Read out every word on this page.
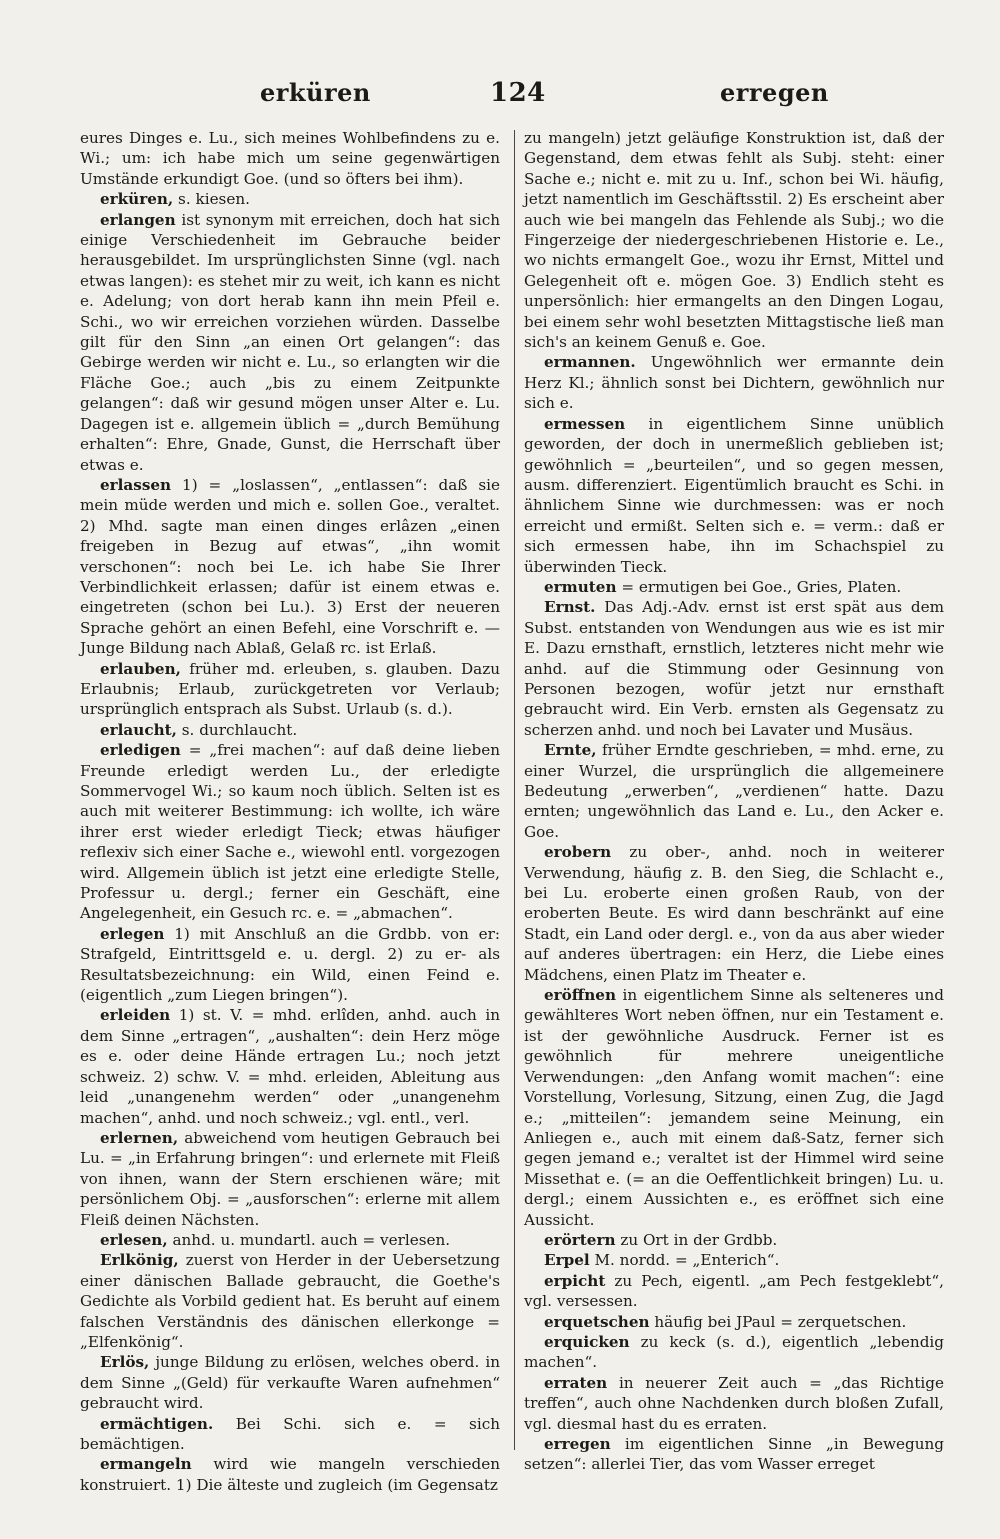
erküren	124	erregen

eures Dinges e. Lu., sich meines Wohlbefindens zu e. Wi.; um: ich habe mich um seine gegenwärtigen Umstände erkundigt Goe. (und so öfters bei ihm).

erküren, s. kiesen.

erlangen ist synonym mit erreichen, doch hat sich einige Verschiedenheit im Gebrauche beider herausgebildet. Im ursprünglichsten Sinne (vgl. nach etwas langen): es stehet mir zu weit, ich kann es nicht e. Adelung; von dort herab kann ihn mein Pfeil e. Schi., wo wir erreichen vorziehen würden. Dasselbe gilt für den Sinn „an einen Ort gelangen“: das Gebirge werden wir nicht e. Lu., so erlangten wir die Fläche Goe.; auch „bis zu einem Zeitpunkte gelangen“: daß wir gesund mögen unser Alter e. Lu. Dagegen ist e. allgemein üblich = „durch Bemühung erhalten“: Ehre, Gnade, Gunst, die Herrschaft über etwas e.

erlassen 1) = „loslassen“, „entlassen“: daß sie mein müde werden und mich e. sollen Goe., veraltet. 2) Mhd. sagte man einen dinges erlâzen „einen freigeben in Bezug auf etwas“, „ihn womit verschonen“: noch bei Le. ich habe Sie Ihrer Verbindlichkeit erlassen; dafür ist einem etwas e. eingetreten (schon bei Lu.). 3) Erst der neueren Sprache gehört an einen Befehl, eine Vorschrift e. — Junge Bildung nach Ablaß, Gelaß rc. ist Erlaß.

erlauben, früher md. erleuben, s. glauben. Dazu Erlaubnis; Erlaub, zurückgetreten vor Verlaub; ursprünglich entsprach als Subst. Urlaub (s. d.).

erlaucht, s. durchlaucht.

erledigen = „frei machen“: auf daß deine lieben Freunde erledigt werden Lu., der erledigte Sommervogel Wi.; so kaum noch üblich. Selten ist es auch mit weiterer Bestimmung: ich wollte, ich wäre ihrer erst wieder erledigt Tieck; etwas häufiger reflexiv sich einer Sache e., wiewohl entl. vorgezogen wird. Allgemein üblich ist jetzt eine erledigte Stelle, Professur u. dergl.; ferner ein Geschäft, eine Angelegenheit, ein Gesuch rc. e. = „abmachen“.

erlegen 1) mit Anschluß an die Grdbb. von er: Strafgeld, Eintrittsgeld e. u. dergl. 2) zu er- als Resultatsbezeichnung: ein Wild, einen Feind e. (eigentlich „zum Liegen bringen“).

erleiden 1) st. V. = mhd. erlîden, anhd. auch in dem Sinne „ertragen“, „aushalten“: dein Herz möge es e. oder deine Hände ertragen Lu.; noch jetzt schweiz. 2) schw. V. = mhd. erleiden, Ableitung aus leid „unangenehm werden“ oder „unangenehm machen“, anhd. und noch schweiz.; vgl. entl., verl.

erlernen, abweichend vom heutigen Gebrauch bei Lu. = „in Erfahrung bringen“: und erlernete mit Fleiß von ihnen, wann der Stern erschienen wäre; mit persönlichem Obj. = „ausforschen“: erlerne mit allem Fleiß deinen Nächsten.

erlesen, anhd. u. mundartl. auch = verlesen.

Erlkönig, zuerst von Herder in der Uebersetzung einer dänischen Ballade gebraucht, die Goethe's Gedichte als Vorbild gedient hat. Es beruht auf einem falschen Verständnis des dänischen ellerkonge = „Elfenkönig“.

Erlös, junge Bildung zu erlösen, welches oberd. in dem Sinne „(Geld) für verkaufte Waren aufnehmen“ gebraucht wird.

ermächtigen. Bei Schi. sich e. = sich bemächtigen.

ermangeln wird wie mangeln verschieden konstruiert. 1) Die älteste und zugleich (im Gegensatz

zu mangeln) jetzt geläufige Konstruktion ist, daß der Gegenstand, dem etwas fehlt als Subj. steht: einer Sache e.; nicht e. mit zu u. Inf., schon bei Wi. häufig, jetzt namentlich im Geschäftsstil. 2) Es erscheint aber auch wie bei mangeln das Fehlende als Subj.; wo die Fingerzeige der niedergeschriebenen Historie e. Le., wo nichts ermangelt Goe., wozu ihr Ernst, Mittel und Gelegenheit oft e. mögen Goe. 3) Endlich steht es unpersönlich: hier ermangelts an den Dingen Logau, bei einem sehr wohl besetzten Mittagstische ließ man sich's an keinem Genuß e. Goe.

ermannen. Ungewöhnlich wer ermannte dein Herz Kl.; ähnlich sonst bei Dichtern, gewöhnlich nur sich e.

ermessen in eigentlichem Sinne unüblich geworden, der doch in unermeßlich geblieben ist; gewöhnlich = „beurteilen“, und so gegen messen, ausm. differenziert. Eigentümlich braucht es Schi. in ähnlichem Sinne wie durchmessen: was er noch erreicht und ermißt. Selten sich e. = verm.: daß er sich ermessen habe, ihn im Schachspiel zu überwinden Tieck.

ermuten = ermutigen bei Goe., Gries, Platen.

Ernst. Das Adj.-Adv. ernst ist erst spät aus dem Subst. entstanden von Wendungen aus wie es ist mir E. Dazu ernsthaft, ernstlich, letzteres nicht mehr wie anhd. auf die Stimmung oder Gesinnung von Personen bezogen, wofür jetzt nur ernsthaft gebraucht wird. Ein Verb. ernsten als Gegensatz zu scherzen anhd. und noch bei Lavater und Musäus.

Ernte, früher Erndte geschrieben, = mhd. erne, zu einer Wurzel, die ursprünglich die allgemeinere Bedeutung „erwerben“, „verdienen“ hatte. Dazu ernten; ungewöhnlich das Land e. Lu., den Acker e. Goe.

erobern zu ober-, anhd. noch in weiterer Verwendung, häufig z. B. den Sieg, die Schlacht e., bei Lu. eroberte einen großen Raub, von der eroberten Beute. Es wird dann beschränkt auf eine Stadt, ein Land oder dergl. e., von da aus aber wieder auf anderes übertragen: ein Herz, die Liebe eines Mädchens, einen Platz im Theater e.

eröffnen in eigentlichem Sinne als selteneres und gewählteres Wort neben öffnen, nur ein Testament e. ist der gewöhnliche Ausdruck. Ferner ist es gewöhnlich für mehrere uneigentliche Verwendungen: „den Anfang womit machen“: eine Vorstellung, Vorlesung, Sitzung, einen Zug, die Jagd e.; „mitteilen“: jemandem seine Meinung, ein Anliegen e., auch mit einem daß-Satz, ferner sich gegen jemand e.; veraltet ist der Himmel wird seine Missethat e. (= an die Oeffentlichkeit bringen) Lu. u. dergl.; einem Aussichten e., es eröffnet sich eine Aussicht.

erörtern zu Ort in der Grdbb.

Erpel M. nordd. = „Enterich“.

erpicht zu Pech, eigentl. „am Pech festgeklebt“, vgl. versessen.

erquetschen häufig bei JPaul = zerquetschen.

erquicken zu keck (s. d.), eigentlich „lebendig machen“.

erraten in neuerer Zeit auch = „das Richtige treffen“, auch ohne Nachdenken durch bloßen Zufall, vgl. diesmal hast du es erraten.

erregen im eigentlichen Sinne „in Bewegung setzen“: allerlei Tier, das vom Wasser erreget
